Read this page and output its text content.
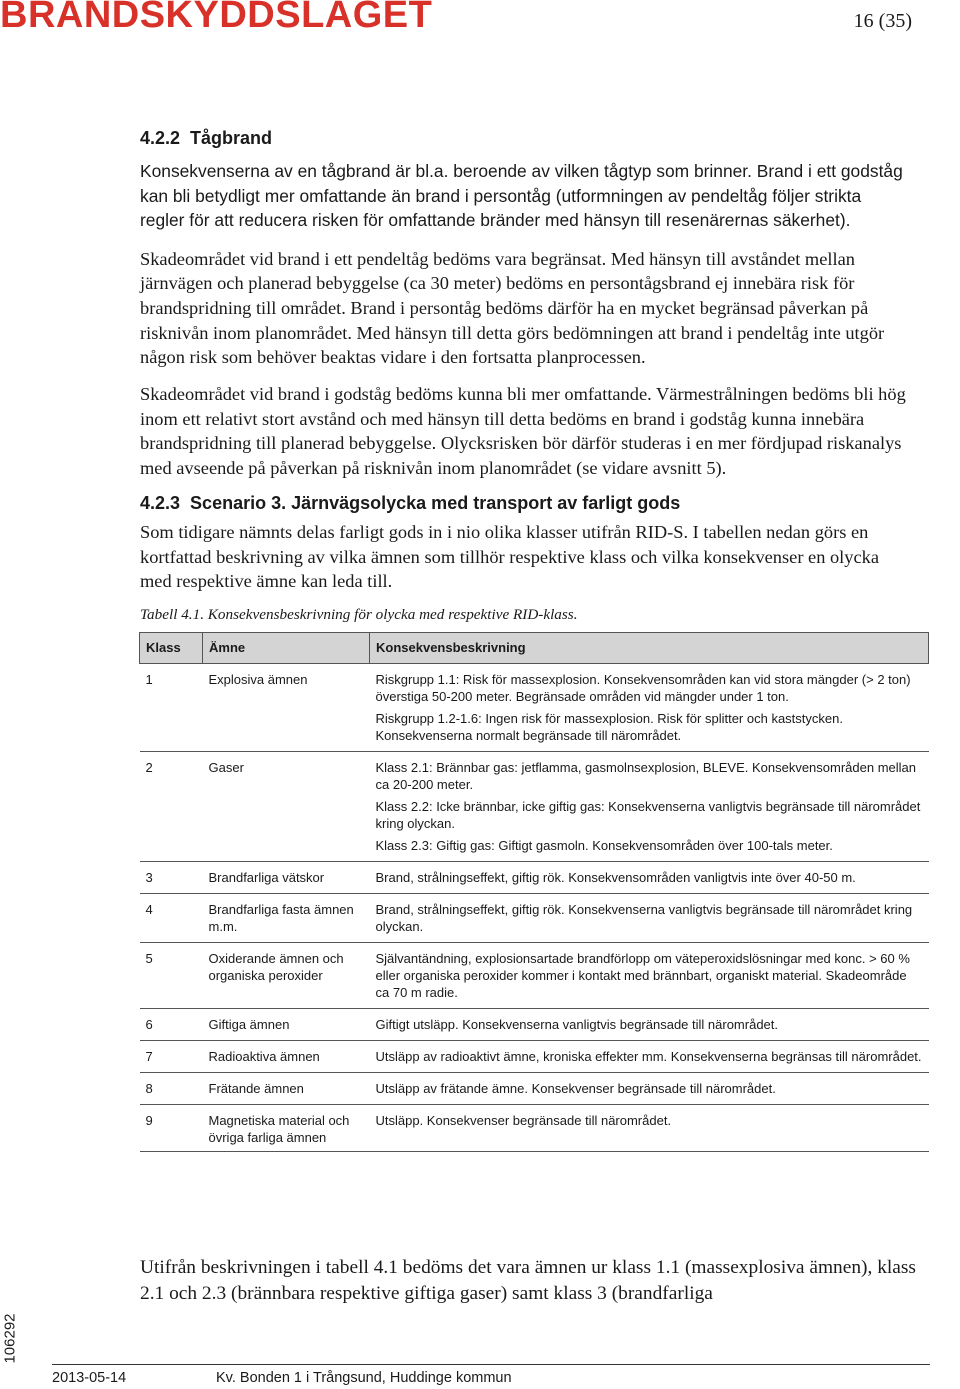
BRANDSKYDDSLAGET	16 (35)
4.2.2 Tågbrand

Konsekvenserna av en tågbrand är bl.a. beroende av vilken tågtyp som brinner. Brand i ett godståg kan bli betydligt mer omfattande än brand i persontåg (utformningen av pendeltåg följer strikta regler för att reducera risken för omfattande bränder med hänsyn till resenärernas säkerhet).

Skadeområdet vid brand i ett pendeltåg bedöms vara begränsat. Med hänsyn till avståndet mellan järnvägen och planerad bebyggelse (ca 30 meter) bedöms en persontågsbrand ej innebära risk för brandspridning till området. Brand i persontåg bedöms därför ha en mycket begränsad påverkan på risknivån inom planområdet. Med hänsyn till detta görs bedömningen att brand i pendeltåg inte utgör någon risk som behöver beaktas vidare i den fortsatta planprocessen.

Skadeområdet vid brand i godståg bedöms kunna bli mer omfattande. Värmestrålningen bedöms bli hög inom ett relativt stort avstånd och med hänsyn till detta bedöms en brand i godståg kunna innebära brandspridning till planerad bebyggelse. Olycksrisken bör därför studeras i en mer fördjupad riskanalys med avseende på påverkan på risknivån inom planområdet (se vidare avsnitt 5).

4.2.3 Scenario 3. Järnvägsolycka med transport av farligt gods

Som tidigare nämnts delas farligt gods in i nio olika klasser utifrån RID-S. I tabellen nedan görs en kortfattad beskrivning av vilka ämnen som tillhör respektive klass och vilka konsekvenser en olycka med respektive ämne kan leda till.

Tabell 4.1. Konsekvensbeskrivning för olycka med respektive RID-klass.
Klass	Ämne	Konsekvensbeskrivning
1	Explosiva ämnen	Riskgrupp 1.1: Risk för massexplosion. Konsekvensområden kan vid stora mängder (> 2 ton) överstiga 50-200 meter. Begränsade områden vid mängder under 1 ton.
Riskgrupp 1.2-1.6: Ingen risk för massexplosion. Risk för splitter och kaststycken. Konsekvenserna normalt begränsade till närområdet.

2	Gaser	Klass 2.1: Brännbar gas: jetflamma, gasmolnsexplosion, BLEVE. Konsekvensområden mellan ca 20-200 meter.
Klass 2.2: Icke brännbar, icke giftig gas: Konsekvenserna vanligtvis begränsade till närområdet kring olyckan.
Klass 2.3: Giftig gas: Giftigt gasmoln. Konsekvensområden över 100-tals meter.

3	Brandfarliga vätskor	Brand, strålningseffekt, giftig rök. Konsekvensområden vanligtvis inte över 40-50 m.

4	Brandfarliga fasta ämnen m.m.	Brand, strålningseffekt, giftig rök. Konsekvenserna vanligtvis begränsade till närområdet kring olyckan.

5	Oxiderande ämnen och organiska peroxider	Självantändning, explosionsartade brandförlopp om väteperoxidslösningar med konc. > 60 % eller organiska peroxider kommer i kontakt med brännbart, organiskt material. Skadeområde ca 70 m radie.

6	Giftiga ämnen	Giftigt utsläpp. Konsekvenserna vanligtvis begränsade till närområdet.

7	Radioaktiva ämnen	Utsläpp av radioaktivt ämne, kroniska effekter mm. Konsekvenserna begränsas till närområdet.

8	Frätande ämnen	Utsläpp av frätande ämne. Konsekvenser begränsade till närområdet.

9	Magnetiska material och övriga farliga ämnen	Utsläpp. Konsekvenser begränsade till närområdet.

Utifrån beskrivningen i tabell 4.1 bedöms det vara ämnen ur klass 1.1 (massexplosiva ämnen), klass 2.1 och 2.3 (brännbara respektive giftiga gaser) samt klass 3 (brandfarliga

106292
2013-05-14	Kv. Bonden 1 i Trångsund, Huddinge kommun
